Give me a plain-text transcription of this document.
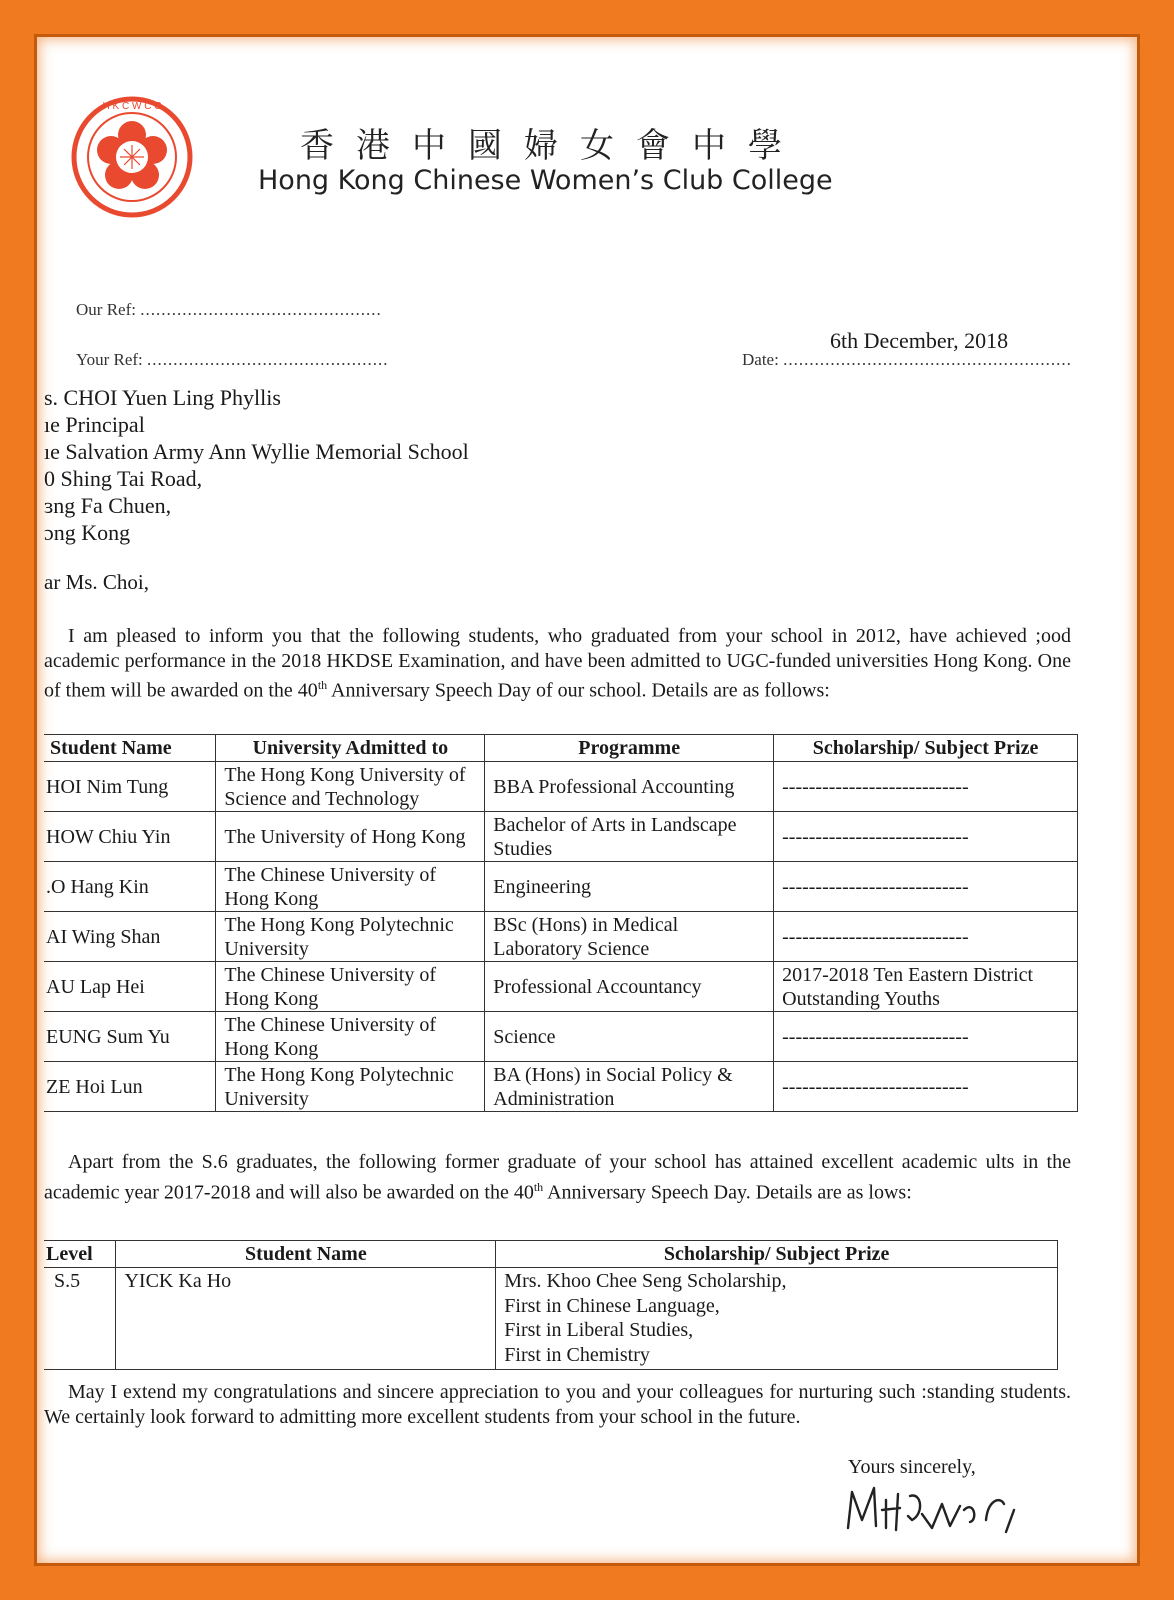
H K C W C C
香港中國婦女會中學
Hong Kong Chinese Women’s Club College
Our Ref: ..............................................
Your Ref: ..............................................
6th December, 2018
Date: .......................................................
s. CHOI Yuen Ling Phyllis
ıe Principal
ıe Salvation Army Ann Wyllie Memorial School
0 Shing Tai Road,
ɜng Fa Chuen,
ɔng Kong
ar Ms. Choi,
I am pleased to inform you that the following students, who graduated from your school in 2012, have achieved ;ood academic performance in the 2018 HKDSE Examination, and have been admitted to UGC-funded universities Hong Kong. One of them will be awarded on the 40th Anniversary Speech Day of our school. Details are as follows:
Student Name	University Admitted to	Programme	Scholarship/ Subject Prize
HOI Nim Tung	The Hong Kong University of Science and Technology	BBA Professional Accounting	----------------------------
HOW Chiu Yin	The University of Hong Kong	Bachelor of Arts in Landscape Studies	----------------------------
.O Hang Kin	The Chinese University of Hong Kong	Engineering	----------------------------
AI Wing Shan	The Hong Kong Polytechnic University	BSc (Hons) in Medical Laboratory Science	----------------------------
AU Lap Hei	The Chinese University of Hong Kong	Professional Accountancy	2017-2018 Ten Eastern District Outstanding Youths
EUNG Sum Yu	The Chinese University of Hong Kong	Science	----------------------------
ZE Hoi Lun	The Hong Kong Polytechnic University	BA (Hons) in Social Policy & Administration	----------------------------
Apart from the S.6 graduates, the following former graduate of your school has attained excellent academic ults in the academic year 2017-2018 and will also be awarded on the 40th Anniversary Speech Day. Details are as lows:
Level	Student Name	Scholarship/ Subject Prize
S.5	YICK Ka Ho	Mrs. Khoo Chee Seng Scholarship,
First in Chinese Language,
First in Liberal Studies,
First in Chemistry
May I extend my congratulations and sincere appreciation to you and your colleagues for nurturing such :standing students. We certainly look forward to admitting more excellent students from your school in the future.
Yours sincerely,
